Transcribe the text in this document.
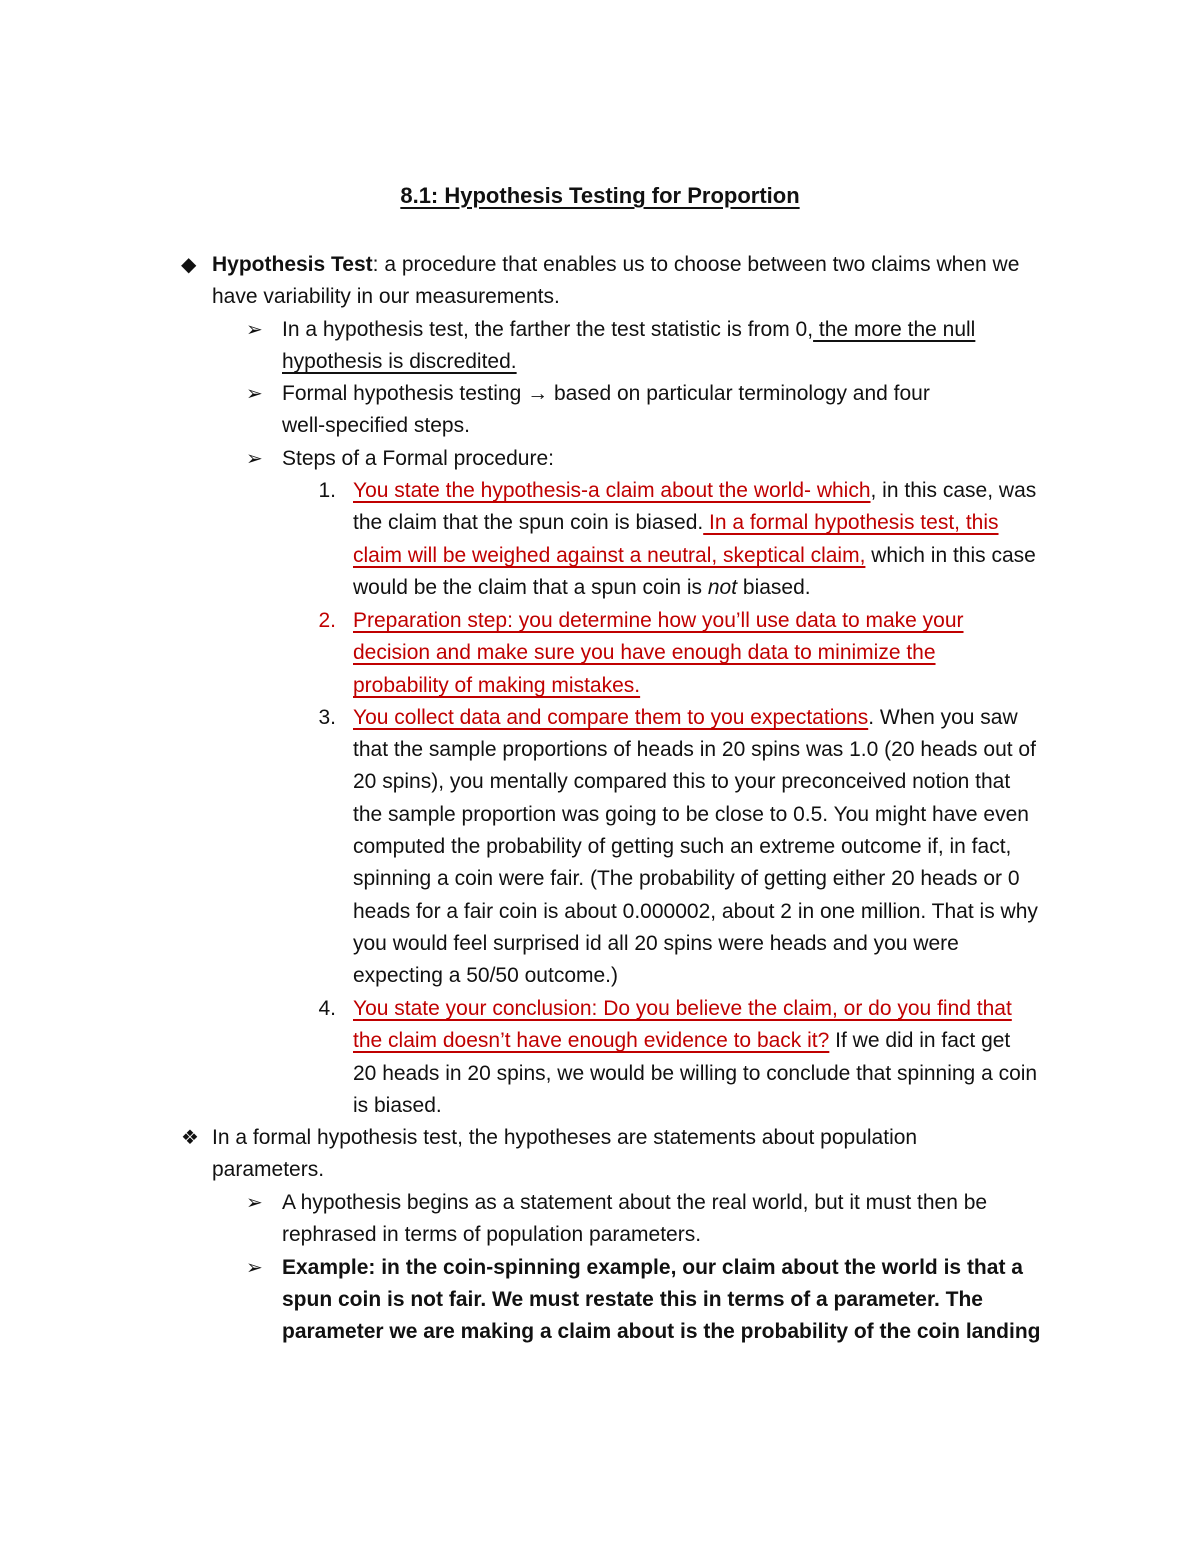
8.1: Hypothesis Testing for Proportion
◆ Hypothesis Test: a procedure that enables us to choose between two claims when we
have variability in our measurements.
➢ In a hypothesis test, the farther the test statistic is from 0, the more the null
hypothesis is discredited.
➢ Formal hypothesis testing → based on particular terminology and four
well-specified steps.
➢ Steps of a Formal procedure:
1. You state the hypothesis-a claim about the world- which, in this case, was
the claim that the spun coin is biased. In a formal hypothesis test, this
claim will be weighed against a neutral, skeptical claim, which in this case
would be the claim that a spun coin is not biased.
2. Preparation step: you determine how you’ll use data to make your
decision and make sure you have enough data to minimize the
probability of making mistakes.
3. You collect data and compare them to you expectations. When you saw
that the sample proportions of heads in 20 spins was 1.0 (20 heads out of
20 spins), you mentally compared this to your preconceived notion that
the sample proportion was going to be close to 0.5. You might have even
computed the probability of getting such an extreme outcome if, in fact,
spinning a coin were fair. (The probability of getting either 20 heads or 0
heads for a fair coin is about 0.000002, about 2 in one million. That is why
you would feel surprised id all 20 spins were heads and you were
expecting a 50/50 outcome.)
4. You state your conclusion: Do you believe the claim, or do you find that
the claim doesn’t have enough evidence to back it? If we did in fact get
20 heads in 20 spins, we would be willing to conclude that spinning a coin
is biased.
❖ In a formal hypothesis test, the hypotheses are statements about population
parameters.
➢ A hypothesis begins as a statement about the real world, but it must then be
rephrased in terms of population parameters.
➢ Example: in the coin-spinning example, our claim about the world is that a
spun coin is not fair. We must restate this in terms of a parameter. The
parameter we are making a claim about is the probability of the coin landing
